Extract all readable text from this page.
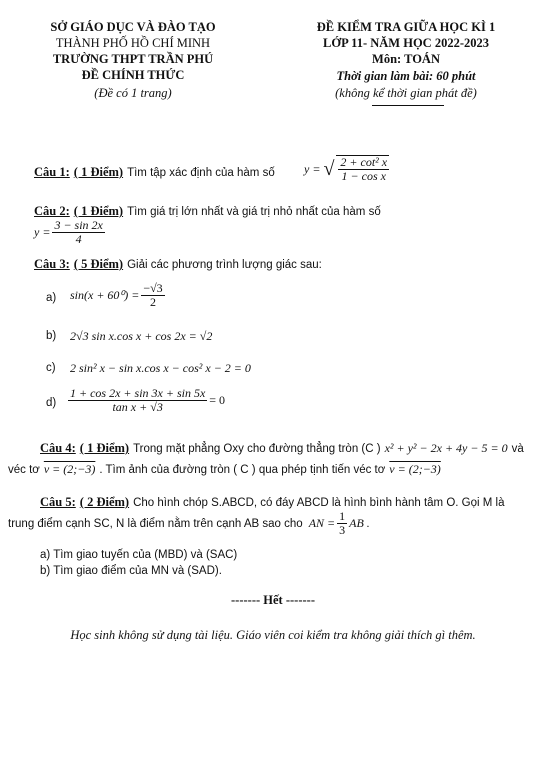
SỞ GIÁO DỤC VÀ ĐÀO TẠO
THÀNH PHỐ HỒ CHÍ MINH
TRƯỜNG THPT TRẦN PHÚ
ĐỀ CHÍNH THỨC
(Đề có 1 trang)
ĐỀ KIỂM TRA GIỮA HỌC KÌ 1
LỚP 11- NĂM HỌC 2022-2023
Môn: TOÁN
Thời gian làm bài: 60 phút
(không kể thời gian phát đề)
Câu 1: ( 1 Điểm) Tìm tập xác định của hàm số y = √ $\frac{\text{2 + cot² x}}{\text{1 − cos x}}$
Câu 2: ( 1 Điểm) Tìm giá trị lớn nhất và giá trị nhỏ nhất của hàm số
$y = \frac{3 - \sin 2x}{4}$
Câu 3: ( 5 Điểm) Giải các phương trình lượng giác sau:
a) $\sin(x + 60^0) = \frac{-√3}{2}$
b) 2√3 sin x.cos x + cos 2x = √2
c) 2 sin² x − sin x.cos x − cos² x − 2 = 0
$d) \frac{1 + \cos 2x + \sin 3x + \sin 5x}{\text{tan x + √3}} = 0$
Câu 4: ( 1 Điểm) Trong mặt phẳng Oxy cho đường thẳng tròn (C ) x² + y² − 2x + 4y − 5 = 0 và
véc tơ v = (2;−3) . Tìm ảnh của đường tròn ( C ) qua phép tịnh tiến véc tơ v = (2;−3)
Câu 5: ( 2 Điểm) Cho hình chóp S.ABCD, có đáy ABCD là hình bình hành tâm O. Gọi M là
trung điểm cạnh SC, N là điểm nằm trên cạnh AB sao cho AN = $\frac{1}{3}$ AB .
a) Tìm giao tuyến của (MBD) và (SAC)
b) Tìm giao điểm của MN và (SAD).
------- Hết -------
Học sinh không sử dụng tài liệu. Giáo viên coi kiểm tra không giải thích gì thêm.
